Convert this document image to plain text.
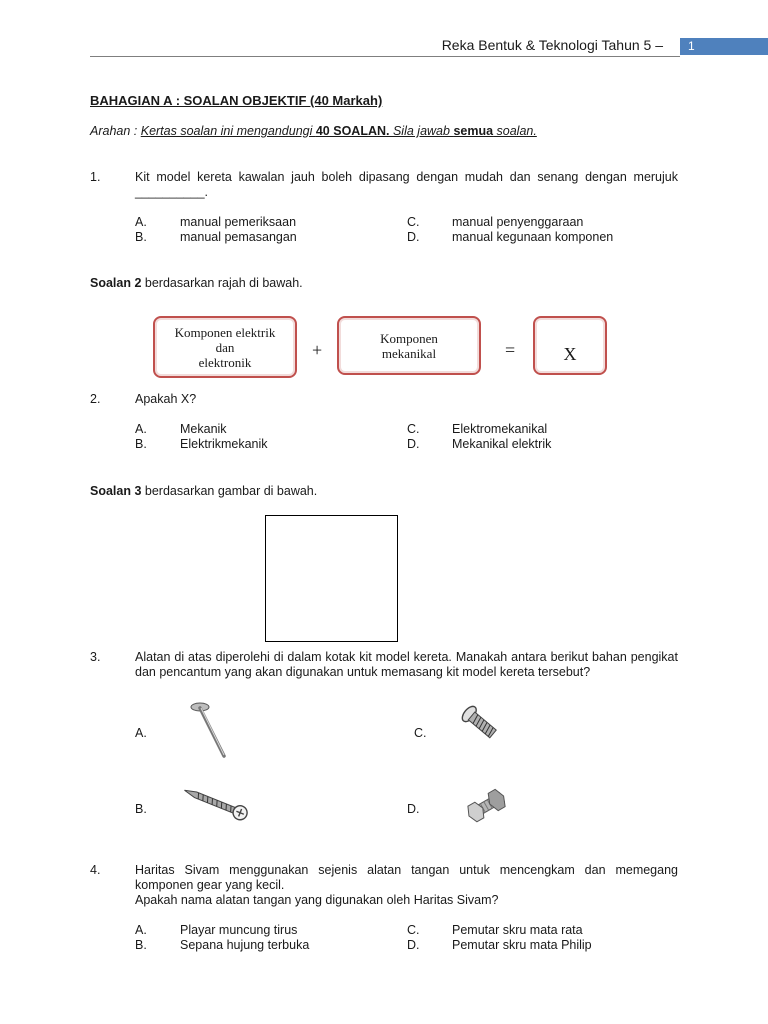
Reka Bentuk & Teknologi Tahun 5 –	1
BAHAGIAN A : SOALAN OBJEKTIF (40 Markah)
Arahan : Kertas soalan ini mengandungi 40 SOALAN. Sila jawab semua soalan.
1.	Kit model kereta kawalan jauh boleh dipasang dengan mudah dan senang dengan merujuk __________.
A.	manual pemeriksaan
B.	manual pemasangan
C.	manual penyenggaraan
D.	manual kegunaan komponen
Soalan 2 berdasarkan rajah di bawah.
Komponen elektrik
dan
elektronik
+
Komponen
mekanikal	=	X
2.	Apakah X?
A.	Mekanik
B.	Elektrikmekanik
C.	Elektromekanikal
D.	Mekanikal elektrik
Soalan 3 berdasarkan gambar di bawah.
3.	Alatan di atas diperolehi di dalam kotak kit model kereta. Manakah antara berikut bahan pengikat dan pencantum yang akan digunakan untuk memasang kit model kereta tersebut?
A.	C.
B.	D.
4.	Haritas Sivam menggunakan sejenis alatan tangan untuk mencengkam dan memegang komponen gear yang kecil.
Apakah nama alatan tangan yang digunakan oleh Haritas Sivam?
A.	Playar muncung tirus
B.	Sepana hujung terbuka
C.	Pemutar skru mata rata
D.	Pemutar skru mata Philip
